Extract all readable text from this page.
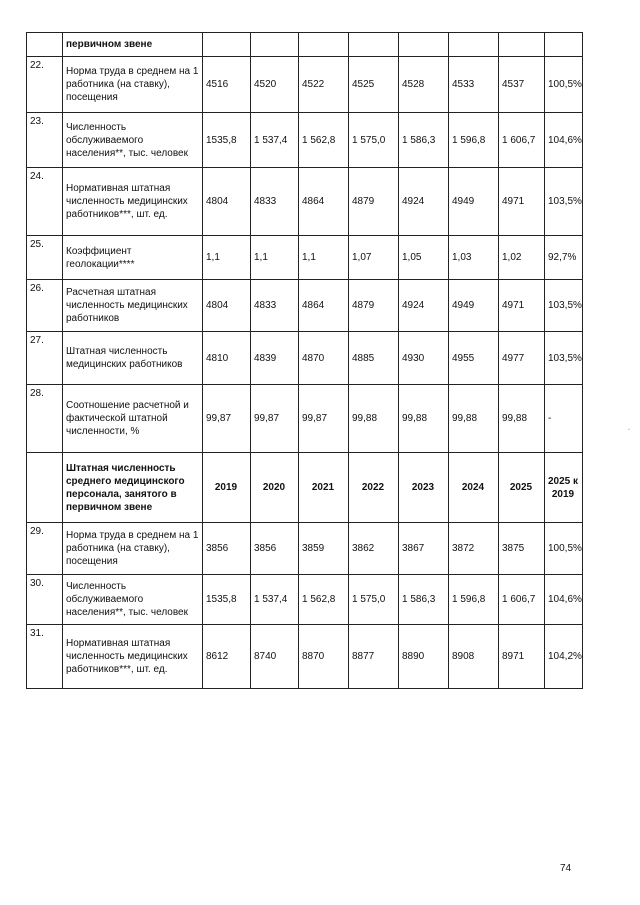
	первичном звене								
22.	Норма труда в среднем на 1 работника (на ставку), посещения	4516	4520	4522	4525	4528	4533	4537	100,5%
23.	Численность обслуживаемого населения**, тыс. человек	1535,8	1 537,4	1 562,8	1 575,0	1 586,3	1 596,8	1 606,7	104,6%
24.	Нормативная штатная численность медицинских работников***, шт. ед.	4804	4833	4864	4879	4924	4949	4971	103,5%
25.	Коэффициент геолокации****	1,1	1,1	1,1	1,07	1,05	1,03	1,02	92,7%
26.	Расчетная штатная численность медицинских работников	4804	4833	4864	4879	4924	4949	4971	103,5%
27.	Штатная численность медицинских работников	4810	4839	4870	4885	4930	4955	4977	103,5%
28.	Соотношение расчетной и фактической штатной численности, %	99,87	99,87	99,87	99,88	99,88	99,88	99,88	-
	Штатная численность среднего медицинского персонала, занятого в первичном звене	2019	2020	2021	2022	2023	2024	2025	2025 к 2019
29.	Норма труда в среднем на 1 работника (на ставку), посещения	3856	3856	3859	3862	3867	3872	3875	100,5%
30.	Численность обслуживаемого населения**, тыс. человек	1535,8	1 537,4	1 562,8	1 575,0	1 586,3	1 596,8	1 606,7	104,6%
31.	Нормативная штатная численность медицинских работников***, шт. ед.	8612	8740	8870	8877	8890	8908	8971	104,2%
´
74
